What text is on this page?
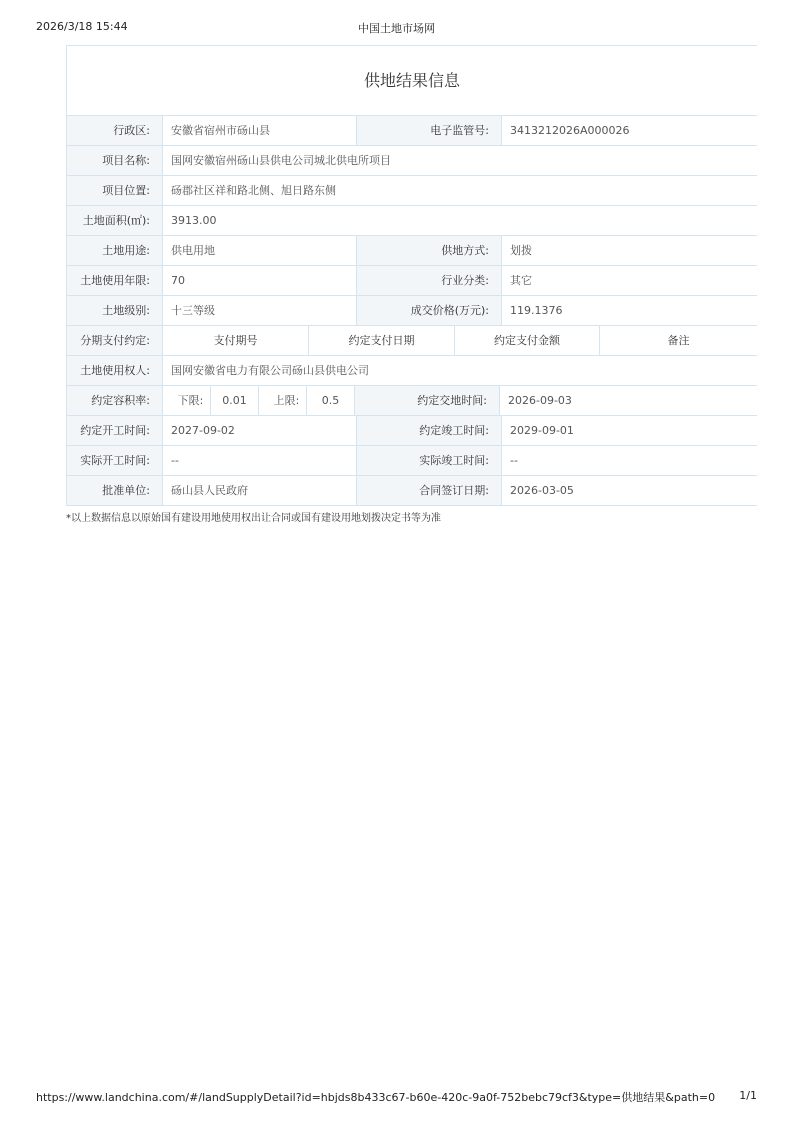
2026/3/18 15:44	中国土地市场网
供地结果信息
行政区:	安徽省宿州市砀山县	电子监管号:	3413212026A000026
项目名称:	国网安徽宿州砀山县供电公司城北供电所项目
项目位置:	砀郡社区祥和路北侧、旭日路东侧
土地面积(㎡):	3913.00
土地用途:	供电用地	供地方式:	划拨
土地使用年限:	70	行业分类:	其它
土地级别:	十三等级	成交价格(万元):	119.1376
分期支付约定:	支付期号	约定支付日期	约定支付金额	备注
土地使用权人:	国网安徽省电力有限公司砀山县供电公司
约定容积率:	下限:	0.01	上限:	0.5	约定交地时间:	2026-09-03
约定开工时间:	2027-09-02	约定竣工时间:	2029-09-01
实际开工时间:	--	实际竣工时间:	--
批准单位:	砀山县人民政府	合同签订日期:	2026-03-05
*以上数据信息以原始国有建设用地使用权出让合同或国有建设用地划拨决定书等为准
https://www.landchina.com/#/landSupplyDetail?id=hbjds8b433c67-b60e-420c-9a0f-752bebc79cf3&type=供地结果&path=0 1/1
